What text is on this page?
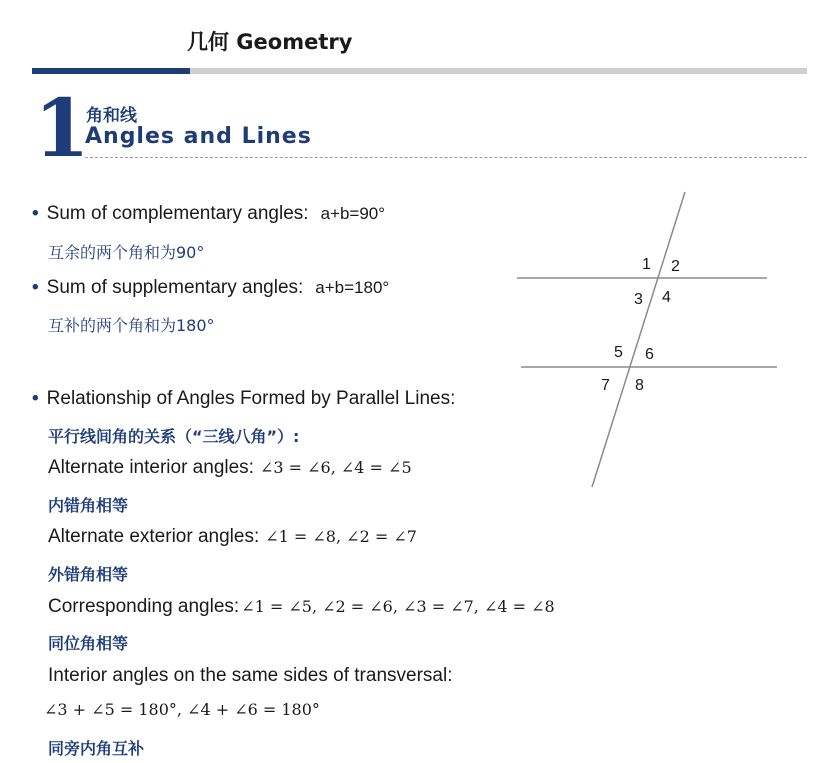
几何 Geometry
1
角和线
Angles and Lines
• Sum of complementary angles: a+b=90°
互余的两个角和为90°
• Sum of supplementary angles: a+b=180°
互补的两个角和为180°
• Relationship of Angles Formed by Parallel Lines:
平行线间角的关系（“三线八角”）:
Alternate interior angles: ∠3 = ∠6, ∠4 = ∠5
内错角相等
Alternate exterior angles: ∠1 = ∠8, ∠2 = ∠7
外错角相等
Corresponding angles: ∠1 = ∠5, ∠2 = ∠6, ∠3 = ∠7, ∠4 = ∠8
同位角相等
Interior angles on the same sides of transversal:
∠3 + ∠5 = 180°, ∠4 + ∠6 = 180°
同旁内角互补
1 2
3 4
5 6
7 8
